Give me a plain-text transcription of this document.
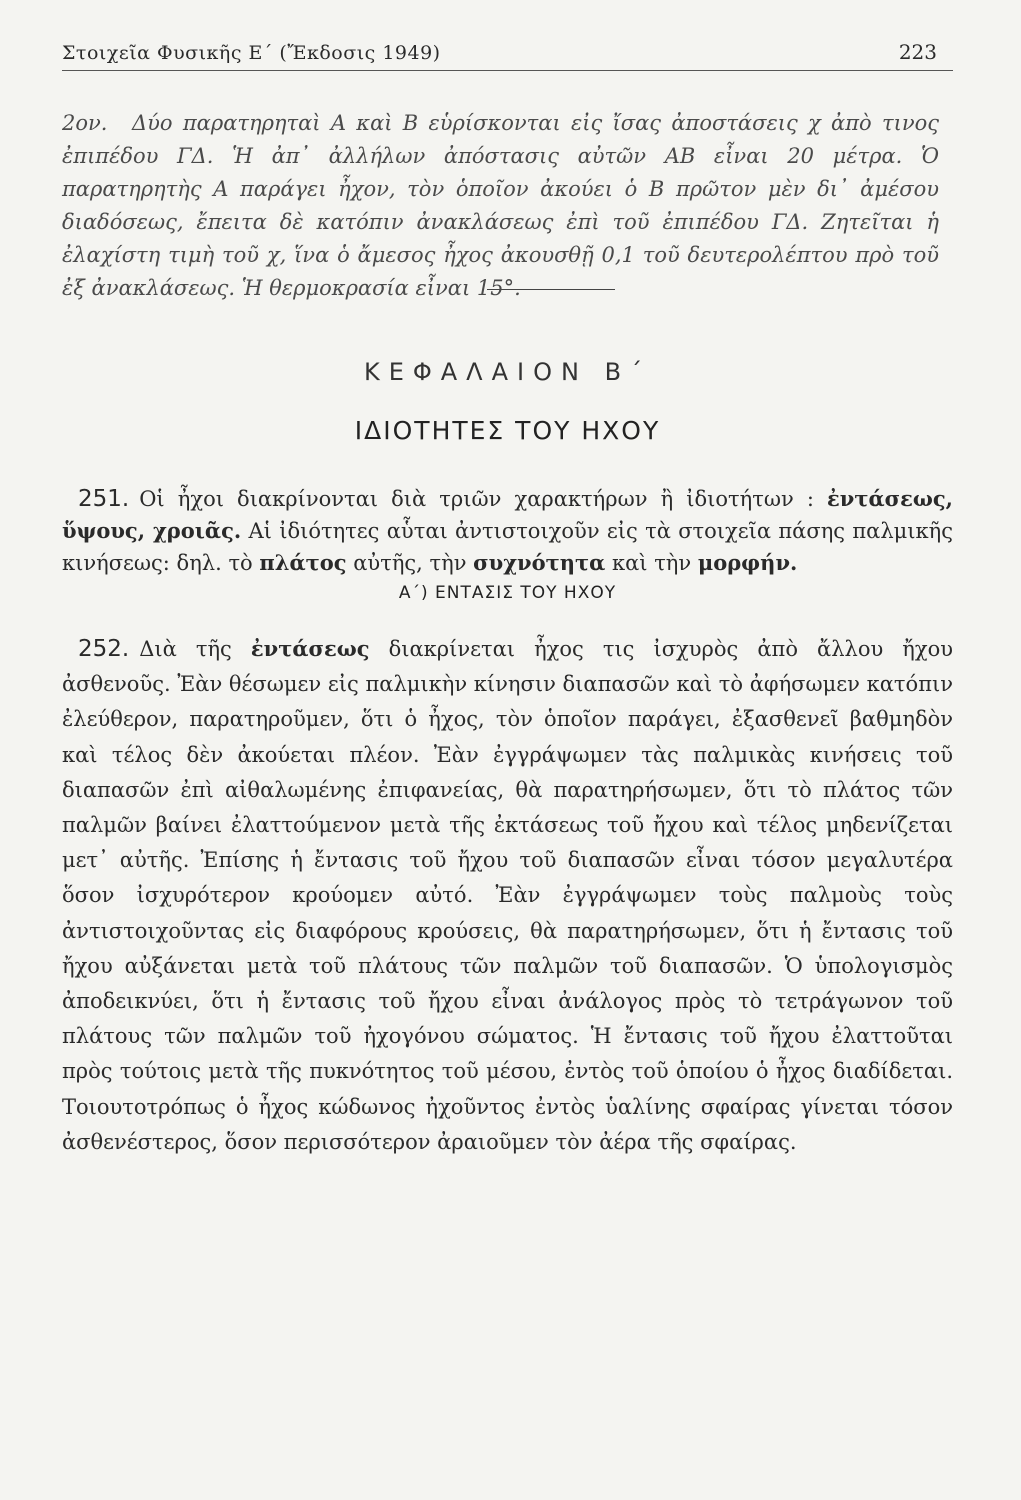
Στοιχεῖα Φυσικῆς Ε΄ (Ἔκδοσις 1949)	223

2ον. Δύο παρατηρηταὶ Α καὶ Β εὑρίσκονται εἰς ἴσας ἀποστάσεις χ ἀπὸ τινος ἐπιπέδου ΓΔ. Ἡ ἀπ᾽ ἀλλήλων ἀπόστασις αὐτῶν ΑΒ εἶναι 20 μέτρα. Ὁ παρατηρητὴς Α παράγει ἦχον, τὸν ὁποῖον ἀκούει ὁ Β πρῶτον μὲν δι᾽ ἀμέσου διαδόσεως, ἔπειτα δὲ κατόπιν ἀνακλάσεως ἐπὶ τοῦ ἐπιπέδου ΓΔ. Ζητεῖται ἡ ἐλαχίστη τιμὴ τοῦ χ, ἵνα ὁ ἄμεσος ἦχος ἀκουσθῇ 0,1 τοῦ δευτερολέπτου πρὸ τοῦ ἐξ ἀνακλάσεως. Ἡ θερμοκρασία εἶναι 15°.

ΚΕΦΑΛΑΙΟΝ Β΄
ΙΔΙΟΤΗΤΕΣ ΤΟΥ ΗΧΟΥ

251. Οἱ ἦχοι διακρίνονται διὰ τριῶν χαρακτήρων ἢ ἰδιοτήτων : ἐντάσεως, ὕψους, χροιᾶς. Αἱ ἰδιότητες αὗται ἀντιστοιχοῦν εἰς τὰ στοιχεῖα πάσης παλμικῆς κινήσεως: δηλ. τὸ πλάτος αὐτῆς, τὴν συχνότητα καὶ τὴν μορφήν.

Α΄) ΕΝΤΑΣΙΣ ΤΟΥ ΗΧΟΥ

252. Διὰ τῆς ἐντάσεως διακρίνεται ἦχος τις ἰσχυρὸς ἀπὸ ἄλλου ἤχου ἀσθενοῦς. Ἐὰν θέσωμεν εἰς παλμικὴν κίνησιν διαπασῶν καὶ τὸ ἀφήσωμεν κατόπιν ἐλεύθερον, παρατηροῦμεν, ὅτι ὁ ἦχος, τὸν ὁποῖον παράγει, ἐξασθενεῖ βαθμηδὸν καὶ τέλος δὲν ἀκούεται πλέον. Ἐὰν ἐγγράψωμεν τὰς παλμικὰς κινήσεις τοῦ διαπασῶν ἐπὶ αἰθαλωμένης ἐπιφανείας, θὰ παρατηρήσωμεν, ὅτι τὸ πλάτος τῶν παλμῶν βαίνει ἐλαττούμενον μετὰ τῆς ἐκτάσεως τοῦ ἤχου καὶ τέλος μηδενίζεται μετ᾽ αὐτῆς. Ἐπίσης ἡ ἔντασις τοῦ ἤχου τοῦ διαπασῶν εἶναι τόσον μεγαλυτέρα ὅσον ἰσχυρότερον κρούομεν αὐτό. Ἐὰν ἐγγράψωμεν τοὺς παλμοὺς τοὺς ἀντιστοιχοῦντας εἰς διαφόρους κρούσεις, θὰ παρατηρήσωμεν, ὅτι ἡ ἔντασις τοῦ ἤχου αὐξάνεται μετὰ τοῦ πλάτους τῶν παλμῶν τοῦ διαπασῶν. Ὁ ὑπολογισμὸς ἀποδεικνύει, ὅτι ἡ ἔντασις τοῦ ἤχου εἶναι ἀνάλογος πρὸς τὸ τετράγωνον τοῦ πλάτους τῶν παλμῶν τοῦ ἠχογόνου σώματος. Ἡ ἔντασις τοῦ ἤχου ἐλαττοῦται πρὸς τούτοις μετὰ τῆς πυκνότητος τοῦ μέσου, ἐντὸς τοῦ ὁποίου ὁ ἦχος διαδίδεται. Τοιουτοτρόπως ὁ ἦχος κώδωνος ἠχοῦντος ἐντὸς ὑαλίνης σφαίρας γίνεται τόσον ἀσθενέστερος, ὅσον περισσότερον ἀραιοῦμεν τὸν ἀέρα τῆς σφαίρας.
